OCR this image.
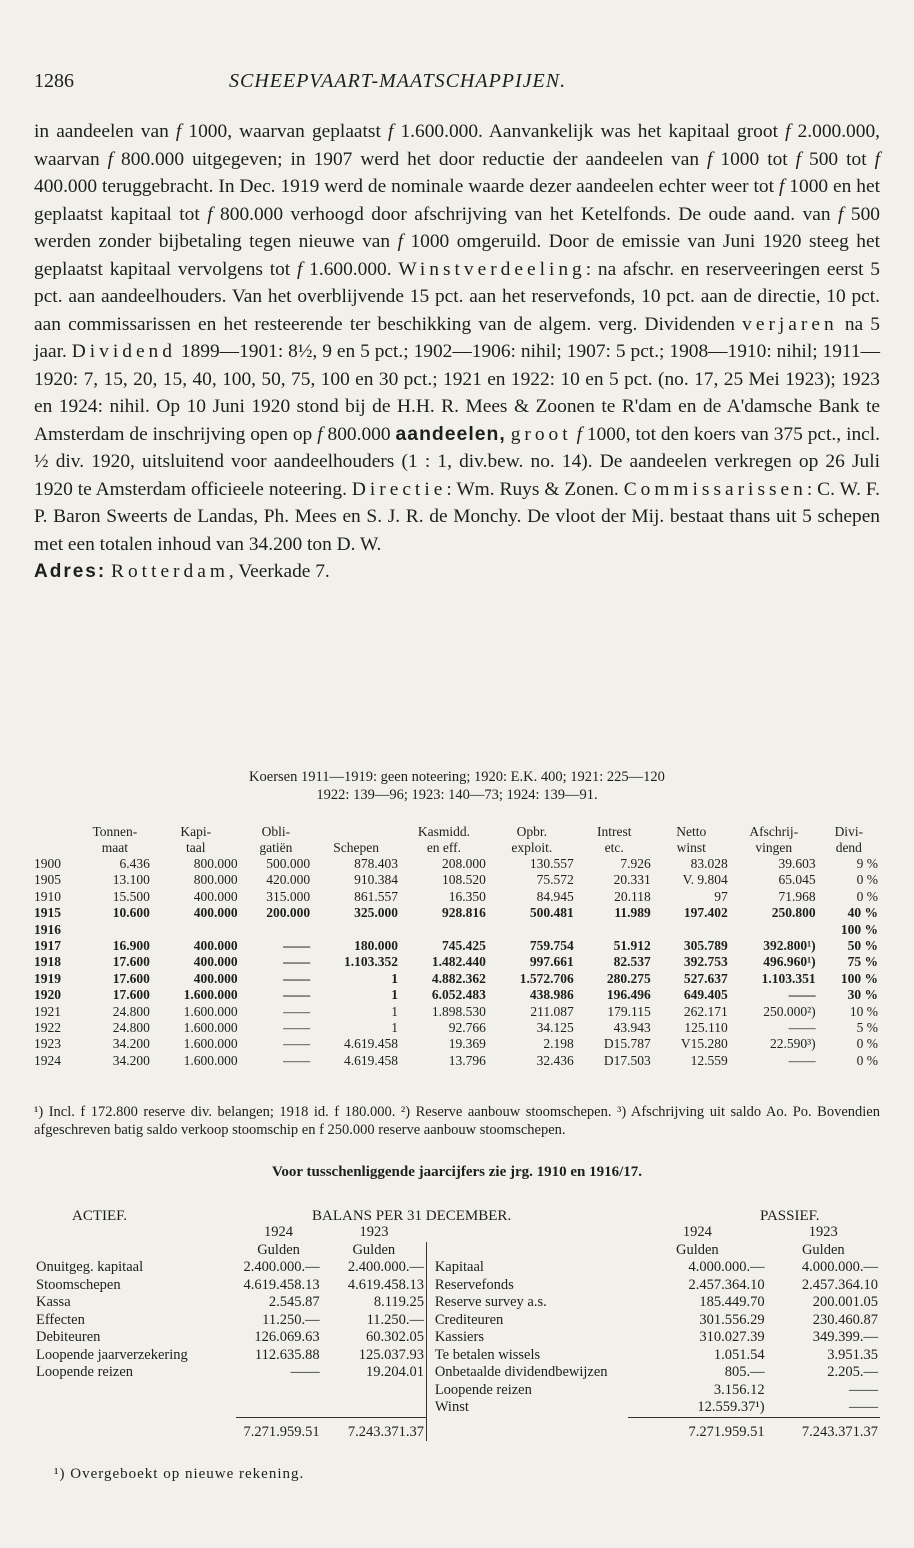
1286	SCHEEPVAART-MAATSCHAPPIJEN.

in aandeelen van f 1000, waarvan geplaatst f 1.600.000. Aanvankelijk was het kapitaal groot f 2.000.000, waarvan f 800.000 uitgegeven; in 1907 werd het door reductie der aandeelen van f 1000 tot f 500 tot f 400.000 teruggebracht. In Dec. 1919 werd de nominale waarde dezer aandeelen echter weer tot f 1000 en het geplaatst kapitaal tot f 800.000 verhoogd door afschrijving van het Ketelfonds. De oude aand. van f 500 werden zonder bijbetaling tegen nieuwe van f 1000 omgeruild. Door de emissie van Juni 1920 steeg het geplaatst kapitaal vervolgens tot f 1.600.000. Winstverdeeling: na afschr. en reserveeringen eerst 5 pct. aan aandeelhouders. Van het overblijvende 15 pct. aan het reservefonds, 10 pct. aan de directie, 10 pct. aan commissarissen en het resteerende ter beschikking van de algem. verg. Dividenden verjaren na 5 jaar. Dividend 1899—1901: 8½, 9 en 5 pct.; 1902—1906: nihil; 1907: 5 pct.; 1908—1910: nihil; 1911—1920: 7, 15, 20, 15, 40, 100, 50, 75, 100 en 30 pct.; 1921 en 1922: 10 en 5 pct. (no. 17, 25 Mei 1923); 1923 en 1924: nihil. Op 10 Juni 1920 stond bij de H.H. R. Mees & Zoonen te R'dam en de A'damsche Bank te Amsterdam de inschrijving open op f 800.000 aandeelen, groot f 1000, tot den koers van 375 pct., incl. ½ div. 1920, uitsluitend voor aandeelhouders (1 : 1, div.bew. no. 14). De aandeelen verkregen op 26 Juli 1920 te Amsterdam officieele noteering. Directie: Wm. Ruys & Zonen. Commissarissen: C. W. F. P. Baron Sweerts de Landas, Ph. Mees en S. J. R. de Monchy. De vloot der Mij. bestaat thans uit 5 schepen met een totalen inhoud van 34.200 ton D. W.

Adres: Rotterdam, Veerkade 7.

Koersen 1911—1919: geen noteering; 1920: E.K. 400; 1921: 225—120
1922: 139—96; 1923: 140—73; 1924: 139—91.
	Tonnen-	Kapi-	Obli-		Kasmidd.	Opbr.	Intrest	Netto	Afschrij-	Divi-
	maat	taal	gatiën	Schepen	en eff.	exploit.	etc.	winst	vingen	dend
1900	6.436	800.000	500.000	878.403	208.000	130.557	7.926	83.028	39.603	9 %
1905	13.100	800.000	420.000	910.384	108.520	75.572	20.331	V. 9.804	65.045	0 %
1910	15.500	400.000	315.000	861.557	16.350	84.945	20.118	97	71.968	0 %
1915	10.600	400.000	200.000	325.000	928.816	500.481	11.989	197.402	250.800	40 %
1916										100 %
1917	16.900	400.000	——	180.000	745.425	759.754	51.912	305.789	392.800¹)	50 %
1918	17.600	400.000	——	1.103.352	1.482.440	997.661	82.537	392.753	496.960¹)	75 %
1919	17.600	400.000	——	1	4.882.362	1.572.706	280.275	527.637	1.103.351	100 %
1920	17.600	1.600.000	——	1	6.052.483	438.986	196.496	649.405	——	30 %
1921	24.800	1.600.000	——	1	1.898.530	211.087	179.115	262.171	250.000²)	10 %
1922	24.800	1.600.000	——	1	92.766	34.125	43.943	125.110	——	5 %
1923	34.200	1.600.000	——	4.619.458	19.369	2.198	D15.787	V15.280	22.590³)	0 %
1924	34.200	1.600.000	——	4.619.458	13.796	32.436	D17.503	12.559	——	0 %

¹) Incl. f 172.800 reserve div. belangen; 1918 id. f 180.000. ²) Reserve aanbouw stoomschepen. ³) Afschrijving uit saldo Ao. Po. Bovendien afgeschreven batig saldo verkoop stoomschip en f 250.000 reserve aanbouw stoomschepen.

Voor tusschenliggende jaarcijfers zie jrg. 1910 en 1916/17.
ACTIEF.	BALANS PER 31 DECEMBER.	PASSIEF.
	1924	1923			1924	1923
	Gulden	Gulden			Gulden	Gulden
Onuitgeg. kapitaal	2.400.000.—	2.400.000.—		Kapitaal	4.000.000.—	4.000.000.—
Stoomschepen	4.619.458.13	4.619.458.13		Reservefonds	2.457.364.10	2.457.364.10
Kassa	2.545.87	8.119.25		Reserve survey a.s.	185.449.70	200.001.05
Effecten	11.250.—	11.250.—		Crediteuren	301.556.29	230.460.87
Debiteuren	126.069.63	60.302.05		Kassiers	310.027.39	349.399.—
Loopende jaarverzekering	112.635.88	125.037.93		Te betalen wissels	1.051.54	3.951.35
Loopende reizen	——	19.204.01		Onbetaalde dividendbewijzen	805.—	2.205.—
				Loopende reizen	3.156.12	——
				Winst	12.559.37¹)	——
	7.271.959.51	7.243.371.37			7.271.959.51	7.243.371.37
¹) Overgeboekt op nieuwe rekening.
